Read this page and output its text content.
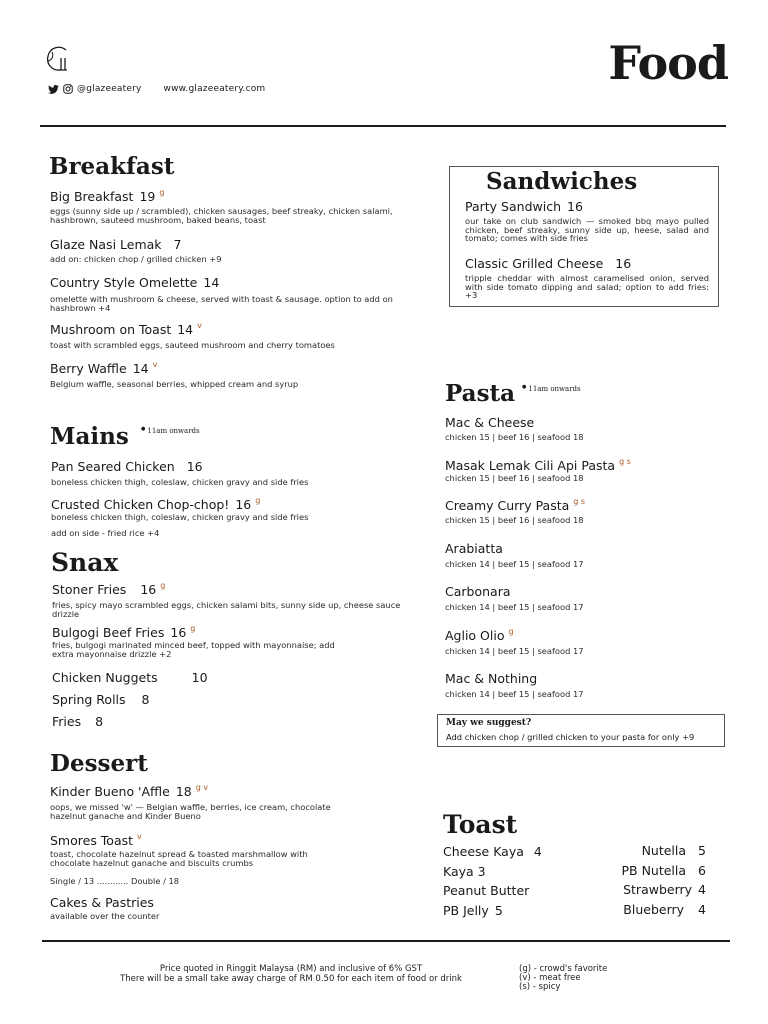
@glazeeatery www.glazeeatery.com	Food
Breakfast
Big Breakfast 19 $^g$
eggs (sunny side up / scrambled), chicken sausages, beef streaky, chicken salami, hashbrown, sauteed mushroom, baked beans, toast
Glaze Nasi Lemak 7
add on: chicken chop / grilled chicken +9
Country Style Omelette 14
omelette with mushroom & cheese, served with toast & sausage. option to add on hashbrown +4
Mushroom on Toast 14 $^v$
toast with scrambled eggs, sauteed mushroom and cherry tomatoes
Berry Waffle 14 $^v$
Belgium waffle, seasonal berries, whipped cream and syrup
Mains	● 11am onwards
Pan Seared Chicken 16
boneless chicken thigh, coleslaw, chicken gravy and side fries
Crusted Chicken Chop-chop! 16 $^g$
boneless chicken thigh, coleslaw, chicken gravy and side fries
add on side - fried rice +4
Snax
Stoner Fries 16 $^g$
fries, spicy mayo scrambled eggs, chicken salami bits, sunny side up, cheese sauce drizzle
Bulgogi Beef Fries 16 $^g$
fries, bulgogi marinated minced beef, topped with mayonnaise; add extra mayonnaise drizzle +2
Chicken Nuggets	10
Spring Rolls 8
Fries 8
Dessert
Kinder Bueno 'Affle 18 $^{g v}$
oops, we missed 'w' — Belgian waffle, berries, ice cream, chocolate hazelnut ganache and Kinder Bueno
Smores Toast $^v$
toast, chocolate hazelnut spread & toasted marshmallow with chocolate hazelnut ganache and biscuits crumbs
Single / 13 ............ Double / 18
Cakes & Pastries
available over the counter
Sandwiches
Party Sandwich 16
our take on club sandwich — smoked bbq mayo pulled chicken, beef streaky, sunny side up, heese, salad and tomato; comes with side fries
Classic Grilled Cheese 16
tripple cheddar with almost caramelised onion, served with side tomato dipping and salad; option to add fries: +3
Pasta	● 11am onwards
Mac & Cheese
chicken 15 | beef 16 | seafood 18
Masak Lemak Cili Api Pasta $^{g s}$
chicken 15 | beef 16 | seafood 18
Creamy Curry Pasta $^{g s}$
chicken 15 | beef 16 | seafood 18
Arabiatta
chicken 14 | beef 15 | seafood 17
Carbonara
chicken 14 | beef 15 | seafood 17
Aglio Olio $^g$
chicken 14 | beef 15 | seafood 17
Mac & Nothing
chicken 14 | beef 15 | seafood 17
May we suggest?
Add chicken chop / grilled chicken to your pasta for only +9
Toast
Cheese Kaya 4
Kaya 3
Peanut Butter
PB Jelly 5
Nutella 5
PB Nutella 6
Strawberry 4
Blueberry 4
Price quoted in Ringgit Malaysa (RM) and inclusive of 6% GST
There will be a small take away charge of RM 0.50 for each item of food or drink
(g) - crowd's favorite
(v) - meat free
(s) - spicy
